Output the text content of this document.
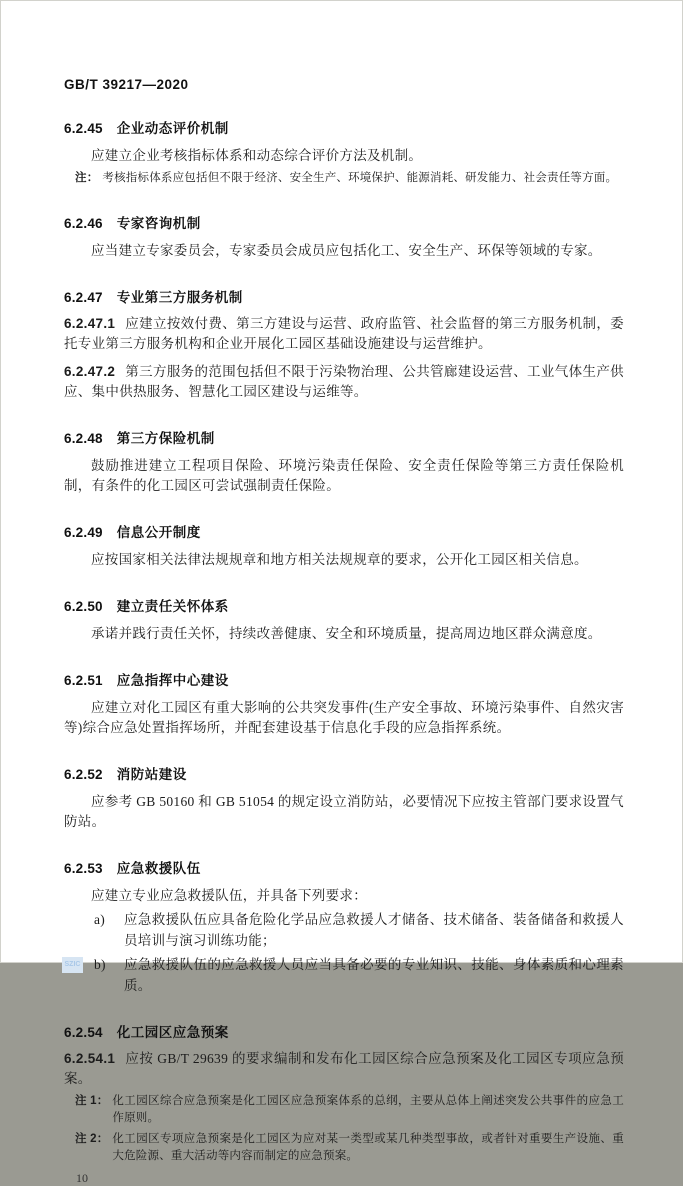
GB/T 39217—2020
6.2.45 企业动态评价机制

应建立企业考核指标体系和动态综合评价方法及机制。

注： 考核指标体系应包括但不限于经济、安全生产、环境保护、能源消耗、研发能力、社会责任等方面。

6.2.46 专家咨询机制

应当建立专家委员会，专家委员会成员应包括化工、安全生产、环保等领域的专家。

6.2.47 专业第三方服务机制

6.2.47.1 应建立按效付费、第三方建设与运营、政府监管、社会监督的第三方服务机制，委托专业第三方服务机构和企业开展化工园区基础设施建设与运营维护。

6.2.47.2 第三方服务的范围包括但不限于污染物治理、公共管廊建设运营、工业气体生产供应、集中供热服务、智慧化工园区建设与运维等。

6.2.48 第三方保险机制

鼓励推进建立工程项目保险、环境污染责任保险、安全责任保险等第三方责任保险机制，有条件的化工园区可尝试强制责任保险。

6.2.49 信息公开制度

应按国家相关法律法规规章和地方相关法规规章的要求，公开化工园区相关信息。

6.2.50 建立责任关怀体系

承诺并践行责任关怀，持续改善健康、安全和环境质量，提高周边地区群众满意度。

6.2.51 应急指挥中心建设

应建立对化工园区有重大影响的公共突发事件(生产安全事故、环境污染事件、自然灾害等)综合应急处置指挥场所，并配套建设基于信息化手段的应急指挥系统。

6.2.52 消防站建设

应参考 GB 50160 和 GB 51054 的规定设立消防站，必要情况下应按主管部门要求设置气防站。

6.2.53 应急救援队伍

应建立专业应急救援队伍，并具备下列要求：

a)	应急救援队伍应具备危险化学品应急救援人才储备、技术储备、装备储备和救援人员培训与演习训练功能；
SZIC b)	应急救援队伍的应急救援人员应当具备必要的专业知识、技能、身体素质和心理素质。
6.2.54 化工园区应急预案

6.2.54.1 应按 GB/T 29639 的要求编制和发布化工园区综合应急预案及化工园区专项应急预案。

注 1： 化工园区综合应急预案是化工园区应急预案体系的总纲，主要从总体上阐述突发公共事件的应急工作原则。

注 2： 化工园区专项应急预案是化工园区为应对某一类型或某几种类型事故，或者针对重要生产设施、重大危险源、重大活动等内容而制定的应急预案。

10
